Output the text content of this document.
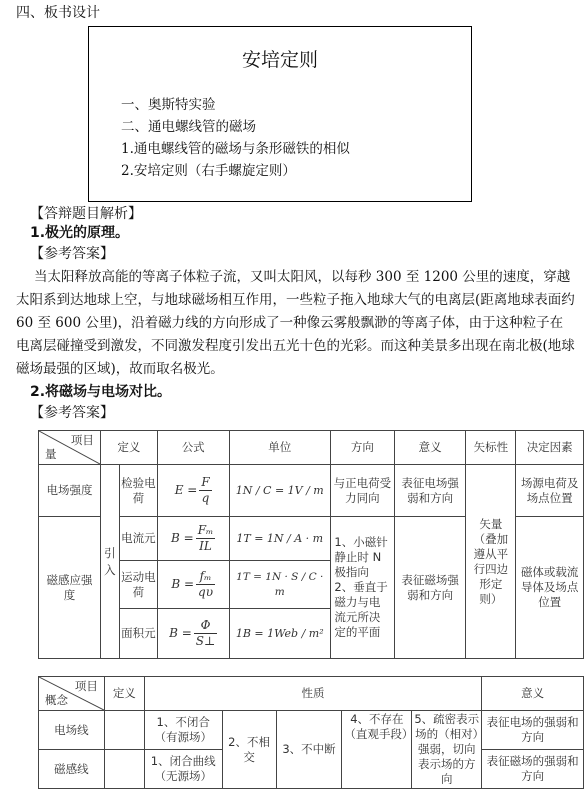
四、板书设计
安培定则
一、奥斯特实验
二、通电螺线管的磁场
1.通电螺线管的磁场与条形磁铁的相似
2.安培定则（右手螺旋定则）
【答辩题目解析】
1.极光的原理。
【参考答案】
当太阳释放高能的等离子体粒子流，又叫太阳风，以每秒 300 至 1200 公里的速度，穿越太阳系到达地球上空，与地球磁场相互作用，一些粒子拖入地球大气的电离层(距离地球表面约 60 至 600 公里)，沿着磁力线的方向形成了一种像云雾般飘渺的等离子体，由于这种粒子在电离层碰撞受到激发，不同激发程度引发出五光十色的光彩。而这种美景多出现在南北极(地球磁场最强的区域)，故而取名极光。
2.将磁场与电场对比。
【参考答案】
项目
量	定义		公式	单位	方向	意义	矢标性	决定因素
电场强度	引入	检验电荷	$E = \frac{F}{q}$	1N / C = 1V / m	与正电荷受力同向	表征电场强弱和方向	矢量（叠加遵从平行四边形定则）	场源电荷及场点位置
磁感应强度		电流元	$B = \frac{\text{Fₘ}}{IL}$	1T = 1N / A · m	1、小磁针静止时 N 极指向 2、垂直于磁力与电流元所决定的平面	表征磁场强弱和方向		磁体或载流导体及场点位置
		运动电荷	$B = \frac{\text{fₘ}}{q\upsilon}$	1T = 1N · S / C · m				
		面积元	$B = \frac{\Phi}{S\perp}$	1B = 1Web / m²				
项目
概念	定义	性质					意义
电场线		1、不闭合（有源场）	2、不相交	3、不中断	4、不存在（直观手段）	5、疏密表示场的（相对）强弱，切向表示场的方向	表征电场的强弱和方向
磁感线		1、闭合曲线（无源场）					表征磁场的强弱和方向
